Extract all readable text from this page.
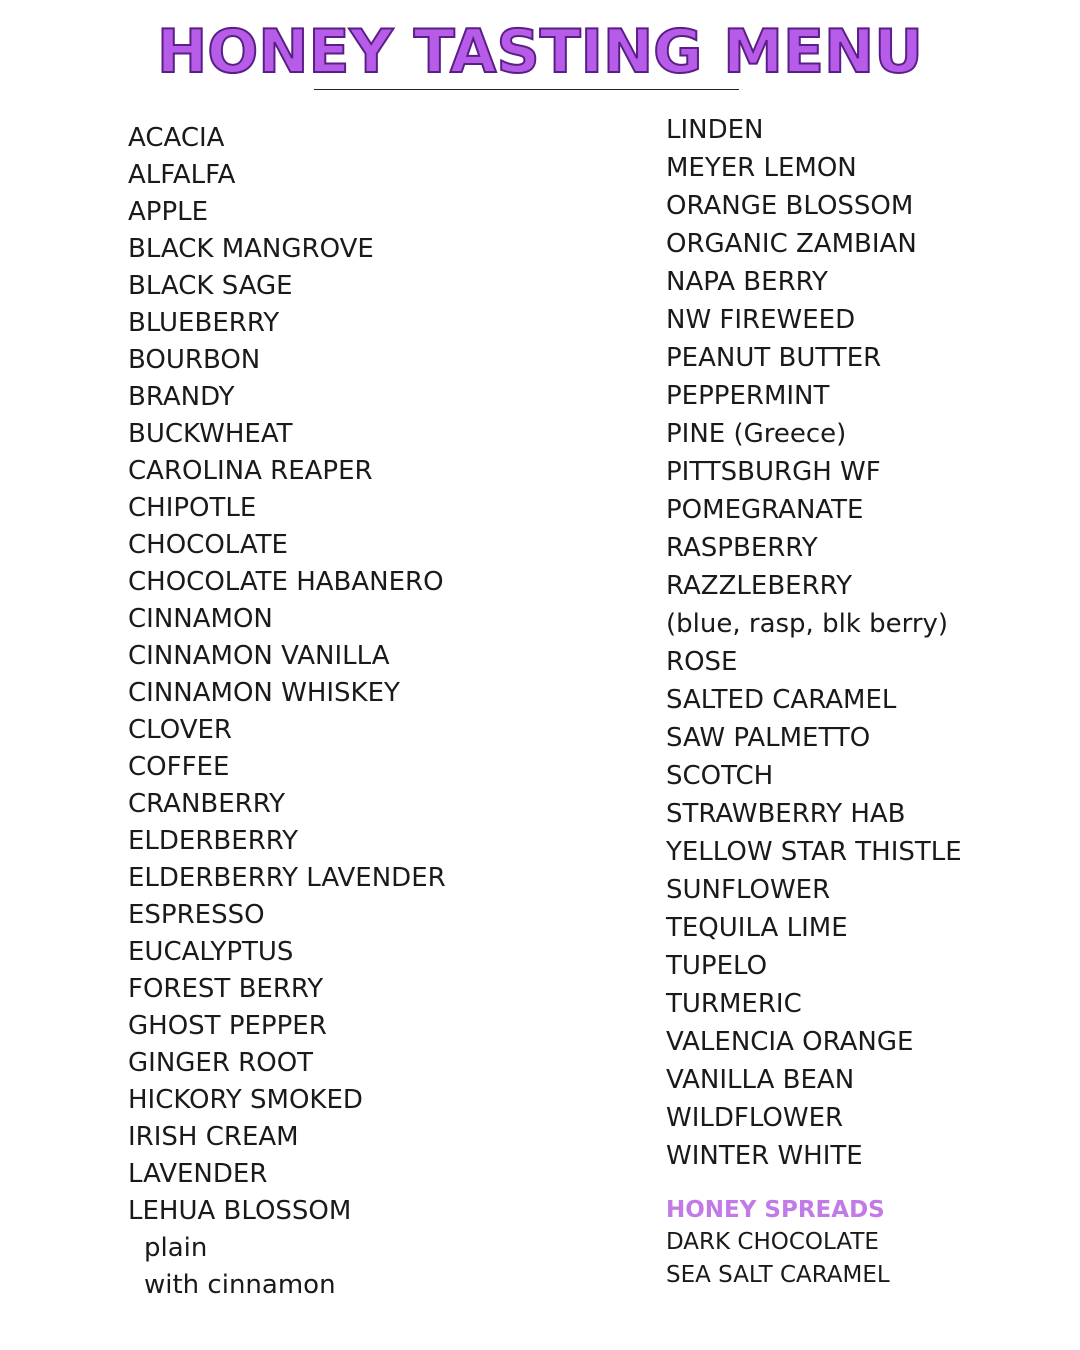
HONEY TASTING MENU
ACACIA
ALFALFA
APPLE
BLACK MANGROVE
BLACK SAGE
BLUEBERRY
BOURBON
BRANDY
BUCKWHEAT
CAROLINA REAPER
CHIPOTLE
CHOCOLATE
CHOCOLATE HABANERO
CINNAMON
CINNAMON VANILLA
CINNAMON WHISKEY
CLOVER
COFFEE
CRANBERRY
ELDERBERRY
ELDERBERRY LAVENDER
ESPRESSO
EUCALYPTUS
FOREST BERRY
GHOST PEPPER
GINGER ROOT
HICKORY SMOKED
IRISH CREAM
LAVENDER
LEHUA BLOSSOM
plain
with cinnamon
LINDEN
MEYER LEMON
ORANGE BLOSSOM
ORGANIC ZAMBIAN
NAPA BERRY
NW FIREWEED
PEANUT BUTTER
PEPPERMINT
PINE (Greece)
PITTSBURGH WF
POMEGRANATE
RASPBERRY
RAZZLEBERRY
(blue, rasp, blk berry)
ROSE
SALTED CARAMEL
SAW PALMETTO
SCOTCH
STRAWBERRY HAB
YELLOW STAR THISTLE
SUNFLOWER
TEQUILA LIME
TUPELO
TURMERIC
VALENCIA ORANGE
VANILLA BEAN
WILDFLOWER
WINTER WHITE
HONEY SPREADS
DARK CHOCOLATE
SEA SALT CARAMEL
